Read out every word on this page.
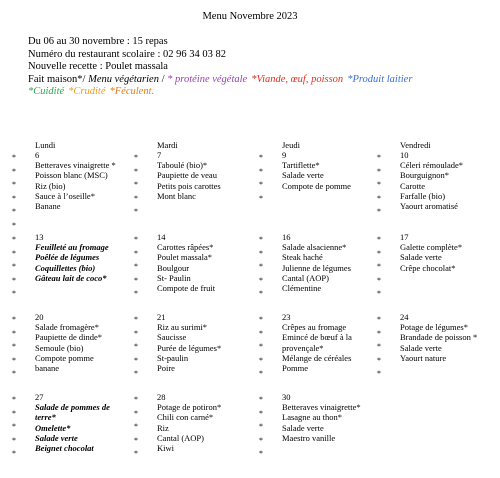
Menu Novembre 2023
Du 06 au 30 novembre : 15 repas
Numéro du restaurant scolaire : 02 96 34 03 82
Nouvelle recette : Poulet massala
Fait maison*/ Menu végétarien / * protéine végétale *Viande, œuf, poisson *Produit laitier
*Cuidité *Crudité *Féculent.
Lundi
6
Betteraves vinaigrette *
Poisson blanc (MSC)
Riz (bio)
Sauce à l’oseille*
Banane
*
*
*
*
*
*
Mardi
7
Taboulé (bio)*
Paupiette de veau
Petits pois carottes
Mont blanc
*
*
*
*
*
Jeudi
9
Tartiflette*
Salade verte
Compote de pomme
*
*
*
*
Vendredi
10
Céleri rémoulade*
Bourguignon*
Carotte
Farfalle (bio)
Yaourt aromatisé
*
*
*
*
*
13
Feuilleté au fromage
Poêlée de légumes
Coquillettes (bio)
Gâteau lait de coco*
*
*
*
*
*
14
Carottes râpées*
Poulet massala*
Boulgour
St- Paulin
Compote de fruit
*
*
*
*
*
16
Salade alsacienne*
Steak haché
Julienne de légumes
Cantal (AOP)
Clémentine
*
*
*
*
*
17
Galette complète*
Salade verte
Crêpe chocolat*
*
*
*
*
*
20
Salade fromagère*
Paupiette de dinde*
Semoule (bio)
Compote pomme
banane
*
*
*
*
*
21
Riz au surimi*
Saucisse
Purée de légumes*
St-paulin
Poire
*
*
*
*
*
23
Crêpes au fromage
Emincé de bœuf à la
provençale*
Mélange de céréales
Pomme
*
*
*
*
*
24
Potage de légumes*
Brandade de poisson *
Salade verte
Yaourt nature
*
*
*
*
*
27
Salade de pommes de
terre*
Omelette*
Salade verte
Beignet chocolat
*
*
*
*
*
28
Potage de potiron*
Chili con carné*
Riz
Cantal (AOP)
Kiwi
*
*
*
*
*
30
Betteraves vinaigrette*
Lasagne au thon*
Salade verte
Maestro vanille
*
*
*
*
*
